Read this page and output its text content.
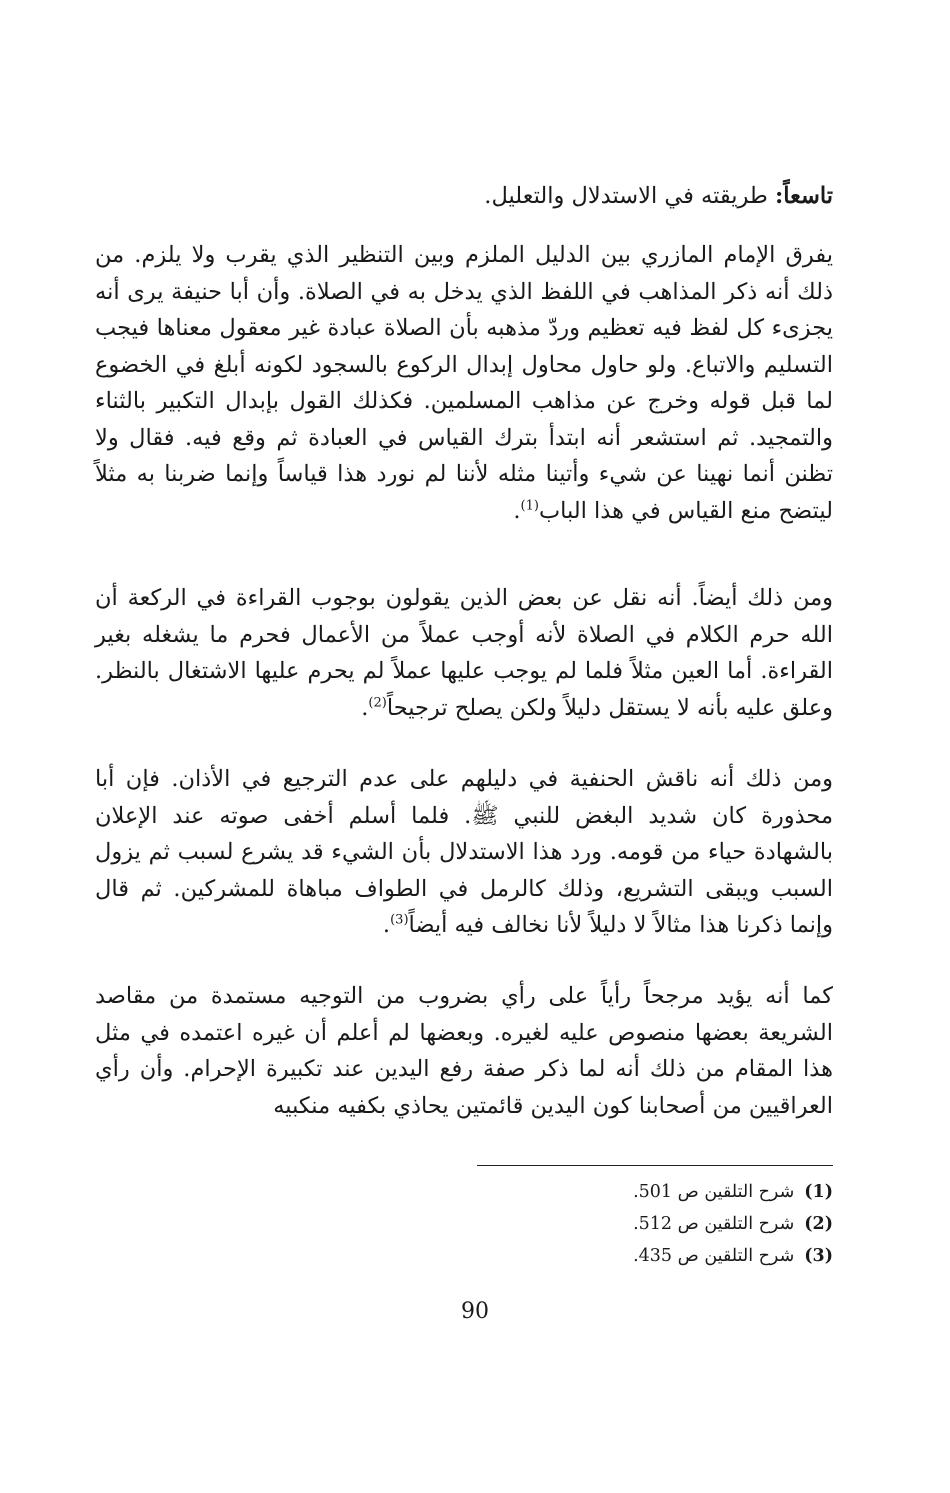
تاسعاً: طريقته في الاستدلال والتعليل.

يفرق الإمام المازري بين الدليل الملزم وبين التنظير الذي يقرب ولا يلزم. من ذلك أنه ذكر المذاهب في اللفظ الذي يدخل به في الصلاة. وأن أبا حنيفة يرى أنه يجزىء كل لفظ فيه تعظيم وردّ مذهبه بأن الصلاة عبادة غير معقول معناها فيجب التسليم والاتباع. ولو حاول محاول إبدال الركوع بالسجود لكونه أبلغ في الخضوع لما قبل قوله وخرج عن مذاهب المسلمين. فكذلك القول بإبدال التكبير بالثناء والتمجيد. ثم استشعر أنه ابتدأ بترك القياس في العبادة ثم وقع فيه. فقال ولا تظنن أنما نهينا عن شيء وأتينا مثله لأننا لم نورد هذا قياساً وإنما ضربنا به مثلاً ليتضح منع القياس في هذا الباب$^{(1)}$.

ومن ذلك أيضاً. أنه نقل عن بعض الذين يقولون بوجوب القراءة في الركعة أن الله حرم الكلام في الصلاة لأنه أوجب عملاً من الأعمال فحرم ما يشغله بغير القراءة. أما العين مثلاً فلما لم يوجب عليها عملاً لم يحرم عليها الاشتغال بالنظر. وعلق عليه بأنه لا يستقل دليلاً ولكن يصلح ترجيحاً$^{(2)}$.

ومن ذلك أنه ناقش الحنفية في دليلهم على عدم الترجيع في الأذان. فإن أبا محذورة كان شديد البغض للنبي ﷺ. فلما أسلم أخفى صوته عند الإعلان بالشهادة حياء من قومه. ورد هذا الاستدلال بأن الشيء قد يشرع لسبب ثم يزول السبب ويبقى التشريع، وذلك كالرمل في الطواف مباهاة للمشركين. ثم قال وإنما ذكرنا هذا مثالاً لا دليلاً لأنا نخالف فيه أيضاً$^{(3)}$.

كما أنه يؤيد مرجحاً رأياً على رأي بضروب من التوجيه مستمدة من مقاصد الشريعة بعضها منصوص عليه لغيره. وبعضها لم أعلم أن غيره اعتمده في مثل هذا المقام من ذلك أنه لما ذكر صفة رفع اليدين عند تكبيرة الإحرام. وأن رأي العراقيين من أصحابنا كون اليدين قائمتين يحاذي بكفيه منكبيه

(1)شرح التلقين ص 501.
(2)شرح التلقين ص 512.
(3)شرح التلقين ص 435.
90
